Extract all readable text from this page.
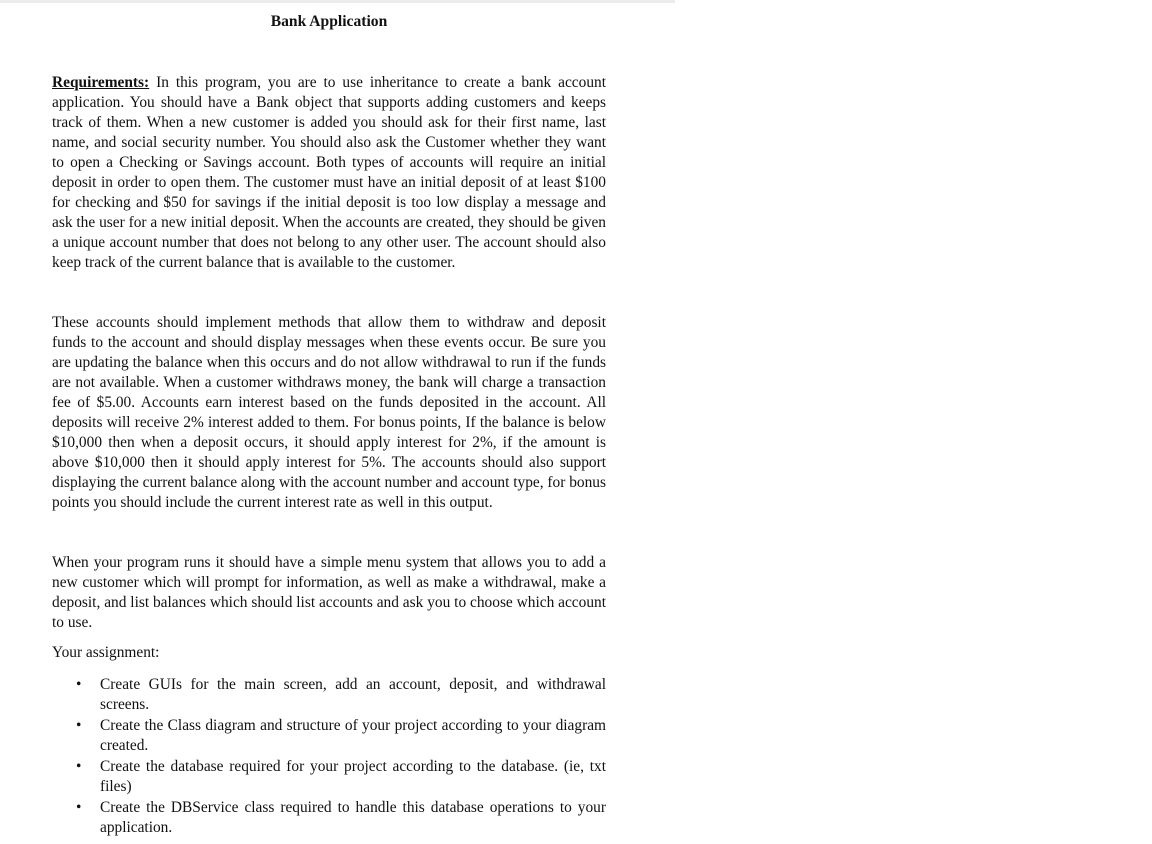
Bank Application

Requirements: In this program, you are to use inheritance to create a bank account application. You should have a Bank object that supports adding customers and keeps track of them. When a new customer is added you should ask for their first name, last name, and social security number. You should also ask the Customer whether they want to open a Checking or Savings account. Both types of accounts will require an initial deposit in order to open them. The customer must have an initial deposit of at least $100 for checking and $50 for savings if the initial deposit is too low display a message and ask the user for a new initial deposit. When the accounts are created, they should be given a unique account number that does not belong to any other user. The account should also keep track of the current balance that is available to the customer.

These accounts should implement methods that allow them to withdraw and deposit funds to the account and should display messages when these events occur. Be sure you are updating the balance when this occurs and do not allow withdrawal to run if the funds are not available. When a customer withdraws money, the bank will charge a transaction fee of $5.00. Accounts earn interest based on the funds deposited in the account. All deposits will receive 2% interest added to them. For bonus points, If the balance is below $10,000 then when a deposit occurs, it should apply interest for 2%, if the amount is above $10,000 then it should apply interest for 5%. The accounts should also support displaying the current balance along with the account number and account type, for bonus points you should include the current interest rate as well in this output.

When your program runs it should have a simple menu system that allows you to add a new customer which will prompt for information, as well as make a withdrawal, make a deposit, and list balances which should list accounts and ask you to choose which account to use.

Your assignment:

• Create GUIs for the main screen, add an account, deposit, and withdrawal screens.
• Create the Class diagram and structure of your project according to your diagram created.
• Create the database required for your project according to the database. (ie, txt files)
• Create the DBService class required to handle this database operations to your application.
